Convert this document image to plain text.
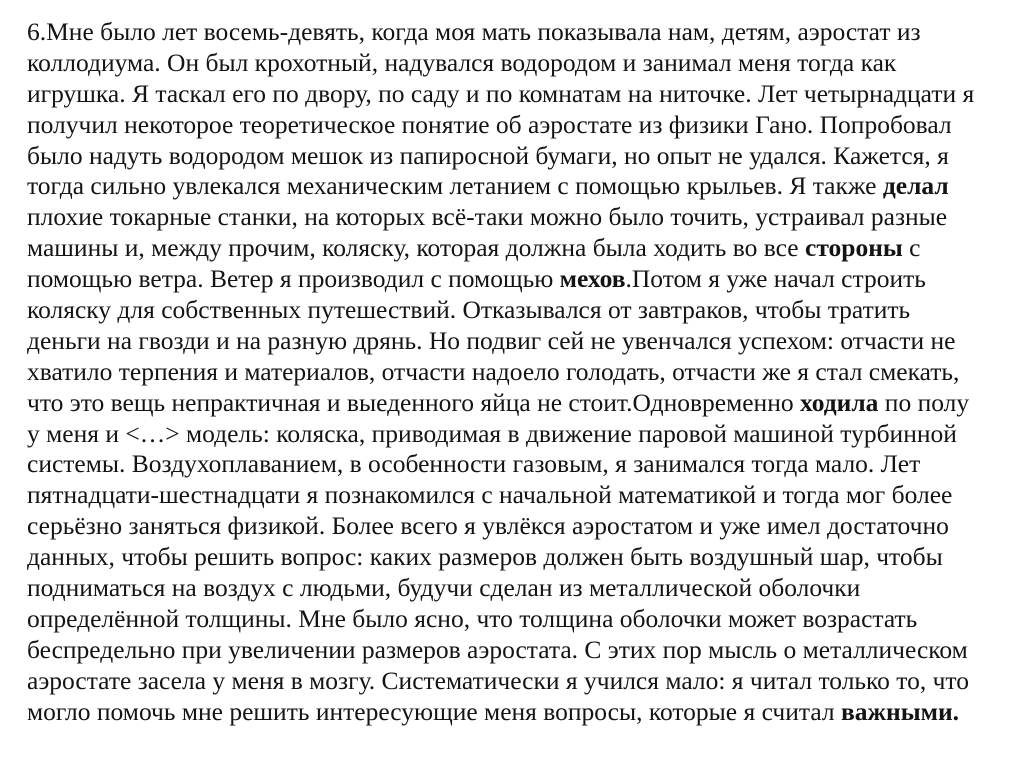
6.Мне было лет восемь-девять, когда моя мать показывала нам, детям, аэростат из
коллодиума. Он был крохотный, надувался водородом и занимал меня тогда как
игрушка. Я таскал его по двору, по саду и по комнатам на ниточке. Лет четырнадцати я
получил некоторое теоретическое понятие об аэростате из физики Гано. Попробовал
было надуть водородом мешок из папиросной бумаги, но опыт не удался. Кажется, я
тогда сильно увлекался механическим летанием с помощью крыльев. Я также делал
плохие токарные станки, на которых всё-таки можно было точить, устраивал разные
машины и, между прочим, коляску, которая должна была ходить во все стороны с
помощью ветра. Ветер я производил с помощью мехов.Потом я уже начал строить
коляску для собственных путешествий. Отказывался от завтраков, чтобы тратить
деньги на гвозди и на разную дрянь. Но подвиг сей не увенчался успехом: отчасти не
хватило терпения и материалов, отчасти надоело голодать, отчасти же я стал смекать,
что это вещь непрактичная и выеденного яйца не стоит.Одновременно ходила по полу
у меня и <…> модель: коляска, приводимая в движение паровой машиной турбинной
системы. Воздухоплаванием, в особенности газовым, я занимался тогда мало. Лет
пятнадцати-шестнадцати я познакомился с начальной математикой и тогда мог более
серьёзно заняться физикой. Более всего я увлёкся аэростатом и уже имел достаточно
данных, чтобы решить вопрос: каких размеров должен быть воздушный шар, чтобы
подниматься на воздух с людьми, будучи сделан из металлической оболочки
определённой толщины. Мне было ясно, что толщина оболочки может возрастать
беспредельно при увеличении размеров аэростата. С этих пор мысль о металлическом
аэростате засела у меня в мозгу. Систематически я учился мало: я читал только то, что
могло помочь мне решить интересующие меня вопросы, которые я считал важными.
